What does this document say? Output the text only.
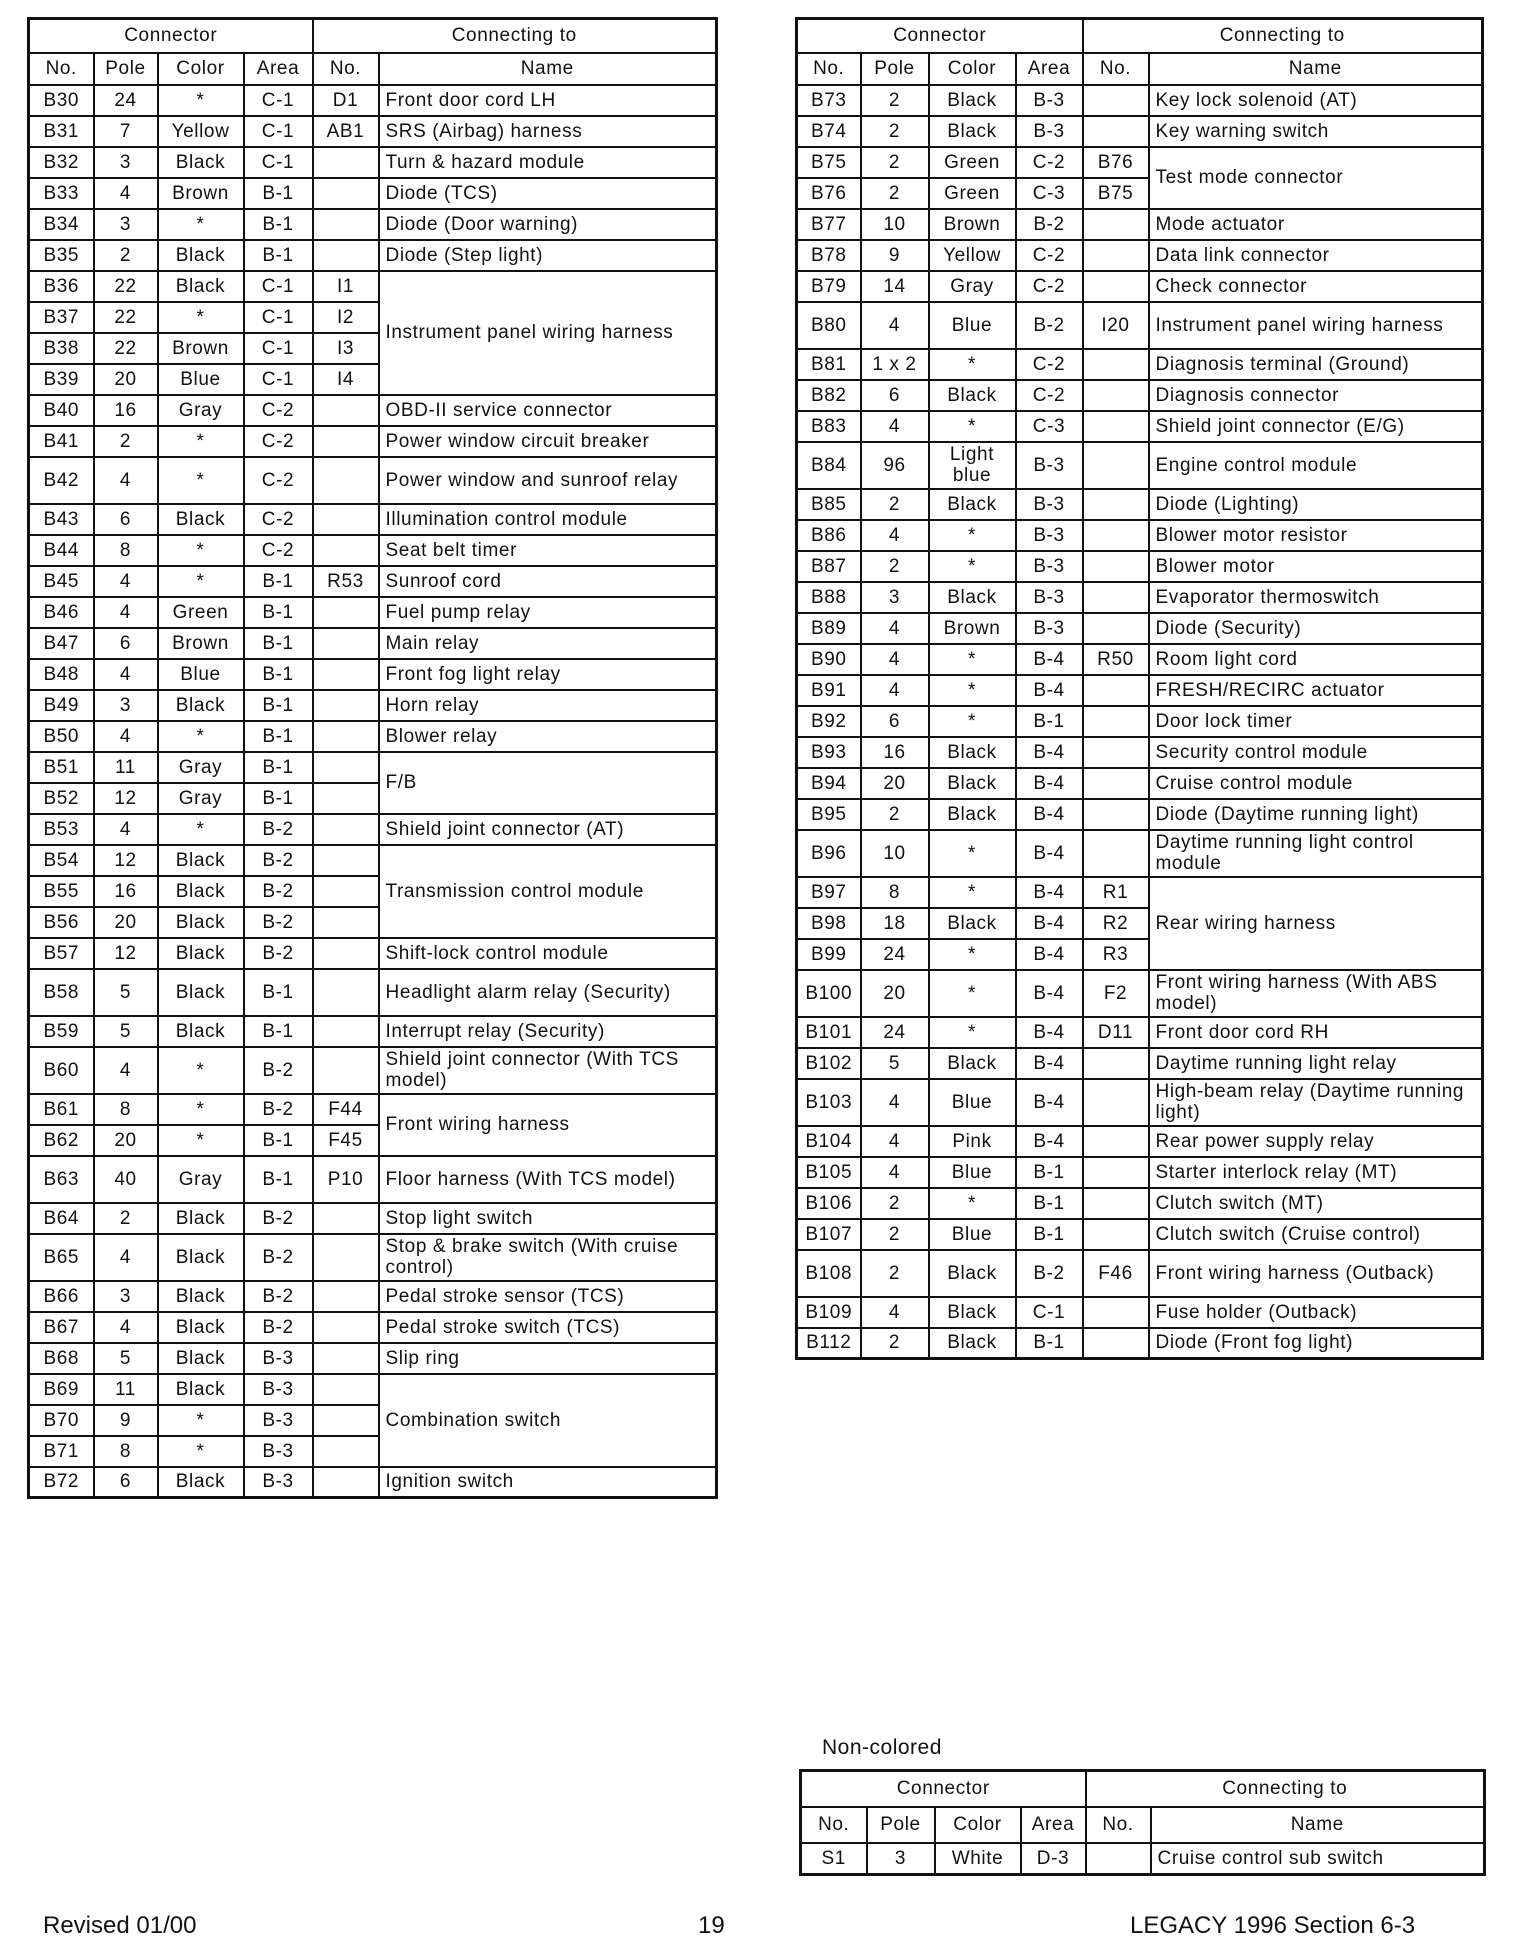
Connector				Connecting to	
No.	Pole	Color	Area	No.	Name
B30	24	*	C-1	D1	Front door cord LH
B31	7	Yellow	C-1	AB1	SRS (Airbag) harness
B32	3	Black	C-1		Turn & hazard module
B33	4	Brown	B-1		Diode (TCS)
B34	3	*	B-1		Diode (Door warning)
B35	2	Black	B-1		Diode (Step light)
B36	22	Black	C-1	I1	Instrument panel wiring harness
B37	22	*	C-1	I2	
B38	22	Brown	C-1	I3	
B39	20	Blue	C-1	I4	
B40	16	Gray	C-2		OBD-II service connector
B41	2	*	C-2		Power window circuit breaker
B42	4	*	C-2		Power window and sunroof relay
B43	6	Black	C-2		Illumination control module
B44	8	*	C-2		Seat belt timer
B45	4	*	B-1	R53	Sunroof cord
B46	4	Green	B-1		Fuel pump relay
B47	6	Brown	B-1		Main relay
B48	4	Blue	B-1		Front fog light relay
B49	3	Black	B-1		Horn relay
B50	4	*	B-1		Blower relay
B51	11	Gray	B-1		F/B
B52	12	Gray	B-1		
B53	4	*	B-2		Shield joint connector (AT)
B54	12	Black	B-2		Transmission control module
B55	16	Black	B-2		
B56	20	Black	B-2		
B57	12	Black	B-2		Shift-lock control module
B58	5	Black	B-1		Headlight alarm relay (Security)
B59	5	Black	B-1		Interrupt relay (Security)
B60	4	*	B-2		Shield joint connector (With TCS model)
B61	8	*	B-2	F44	Front wiring harness
B62	20	*	B-1	F45	
B63	40	Gray	B-1	P10	Floor harness (With TCS model)
B64	2	Black	B-2		Stop light switch
B65	4	Black	B-2		Stop & brake switch (With cruise control)
B66	3	Black	B-2		Pedal stroke sensor (TCS)
B67	4	Black	B-2		Pedal stroke switch (TCS)
B68	5	Black	B-3		Slip ring
B69	11	Black	B-3		Combination switch
B70	9	*	B-3		
B71	8	*	B-3		
B72	6	Black	B-3		Ignition switch
Connector				Connecting to	
No.	Pole	Color	Area	No.	Name
B73	2	Black	B-3		Key lock solenoid (AT)
B74	2	Black	B-3		Key warning switch
B75	2	Green	C-2	B76	Test mode connector
B76	2	Green	C-3	B75	
B77	10	Brown	B-2		Mode actuator
B78	9	Yellow	C-2		Data link connector
B79	14	Gray	C-2		Check connector
B80	4	Blue	B-2	I20	Instrument panel wiring harness
B81	1 x 2	*	C-2		Diagnosis terminal (Ground)
B82	6	Black	C-2		Diagnosis connector
B83	4	*	C-3		Shield joint connector (E/G)
B84	96	Light blue	B-3		Engine control module
B85	2	Black	B-3		Diode (Lighting)
B86	4	*	B-3		Blower motor resistor
B87	2	*	B-3		Blower motor
B88	3	Black	B-3		Evaporator thermoswitch
B89	4	Brown	B-3		Diode (Security)
B90	4	*	B-4	R50	Room light cord
B91	4	*	B-4		FRESH/RECIRC actuator
B92	6	*	B-1		Door lock timer
B93	16	Black	B-4		Security control module
B94	20	Black	B-4		Cruise control module
B95	2	Black	B-4		Diode (Daytime running light)
B96	10	*	B-4		Daytime running light control module
B97	8	*	B-4	R1	Rear wiring harness
B98	18	Black	B-4	R2	
B99	24	*	B-4	R3	
B100	20	*	B-4	F2	Front wiring harness (With ABS model)
B101	24	*	B-4	D11	Front door cord RH
B102	5	Black	B-4		Daytime running light relay
B103	4	Blue	B-4		High-beam relay (Daytime running light)
B104	4	Pink	B-4		Rear power supply relay
B105	4	Blue	B-1		Starter interlock relay (MT)
B106	2	*	B-1		Clutch switch (MT)
B107	2	Blue	B-1		Clutch switch (Cruise control)
B108	2	Black	B-2	F46	Front wiring harness (Outback)
B109	4	Black	C-1		Fuse holder (Outback)
B112	2	Black	B-1		Diode (Front fog light)
Non-colored
Connector				Connecting to	
No.	Pole	Color	Area	No.	Name
S1	3	White	D-3		Cruise control sub switch
Revised 01/00	19	LEGACY 1996 Section 6-3
